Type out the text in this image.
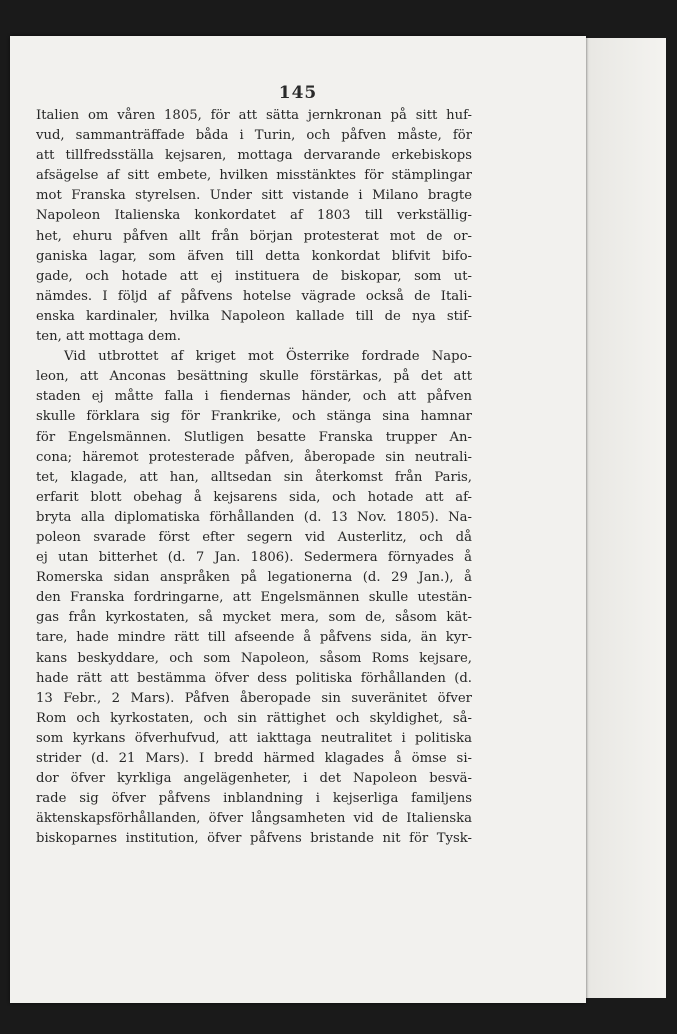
145
Italien om våren 1805, för att sätta jernkronan på sitt huf-
vud, sammanträffade båda i Turin, och påfven måste, för
att tillfredsställa kejsaren, mottaga dervarande erkebiskops
afsägelse af sitt embete, hvilken misstänktes för stämplingar
mot Franska styrelsen. Under sitt vistande i Milano bragte
Napoleon Italienska konkordatet af 1803 till verkställig-
het, ehuru påfven allt från början protesterat mot de or-
ganiska lagar, som äfven till detta konkordat blifvit bifo-
gade, och hotade att ej instituera de biskopar, som ut-
nämdes. I följd af påfvens hotelse vägrade också de Itali-
enska kardinaler, hvilka Napoleon kallade till de nya stif-
ten, att mottaga dem.
Vid utbrottet af kriget mot Österrike fordrade Napo-
leon, att Anconas besättning skulle förstärkas, på det att
staden ej måtte falla i fiendernas händer, och att påfven
skulle förklara sig för Frankrike, och stänga sina hamnar
för Engelsmännen. Slutligen besatte Franska trupper An-
cona; häremot protesterade påfven, åberopade sin neutrali-
tet, klagade, att han, alltsedan sin återkomst från Paris,
erfarit blott obehag å kejsarens sida, och hotade att af-
bryta alla diplomatiska förhållanden (d. 13 Nov. 1805). Na-
poleon svarade först efter segern vid Austerlitz, och då
ej utan bitterhet (d. 7 Jan. 1806). Sedermera förnyades å
Romerska sidan anspråken på legationerna (d. 29 Jan.), å
den Franska fordringarne, att Engelsmännen skulle utestän-
gas från kyrkostaten, så mycket mera, som de, såsom kät-
tare, hade mindre rätt till afseende å påfvens sida, än kyr-
kans beskyddare, och som Napoleon, såsom Roms kejsare,
hade rätt att bestämma öfver dess politiska förhållanden (d.
13 Febr., 2 Mars). Påfven åberopade sin suveränitet öfver
Rom och kyrkostaten, och sin rättighet och skyldighet, så-
som kyrkans öfverhufvud, att iakttaga neutralitet i politiska
strider (d. 21 Mars). I bredd härmed klagades å ömse si-
dor öfver kyrkliga angelägenheter, i det Napoleon besvä-
rade sig öfver påfvens inblandning i kejserliga familjens
äktenskapsförhållanden, öfver långsamheten vid de Italienska
biskoparnes institution, öfver påfvens bristande nit för Tysk-
